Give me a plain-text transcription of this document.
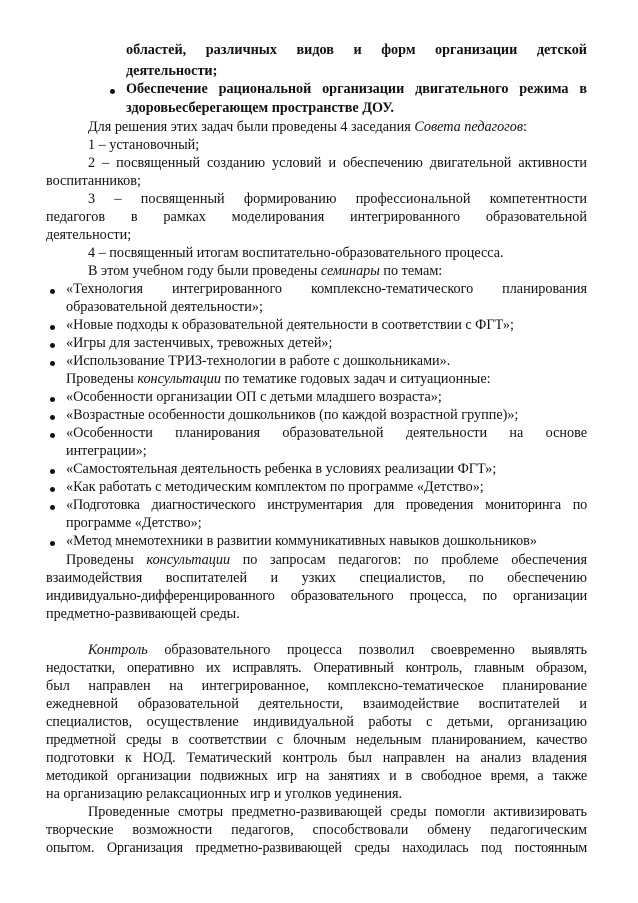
областей, различных видов и форм организации детской
деятельности;
Обеспечение рациональной организации двигательного режима в
здоровьесберегающем пространстве ДОУ.
Для решения этих задач были проведены 4 заседания Совета педагогов:
1 – установочный;
2 – посвященный созданию условий и обеспечению двигательной активности
воспитанников;
3 – посвященный формированию профессиональной компетентности
педагогов в рамках моделирования интегрированного образовательной
деятельности;
4 – посвященный итогам воспитательно-образовательного процесса.
В этом учебном году были проведены семинары по темам:
«Технология интегрированного комплексно-тематического планирования
образовательной деятельности»;
«Новые подходы к образовательной деятельности в соответствии с ФГТ»;
«Игры для застенчивых, тревожных детей»;
«Использование ТРИЗ-технологии в работе с дошкольниками».
Проведены консультации по тематике годовых задач и ситуационные:
«Особенности организации ОП с детьми младшего возраста»;
«Возрастные особенности дошкольников (по каждой возрастной группе)»;
«Особенности планирования образовательной деятельности на основе
интеграции»;
«Самостоятельная деятельность ребенка в условиях реализации ФГТ»;
«Как работать с методическим комплектом по программе «Детство»;
«Подготовка диагностического инструментария для проведения мониторинга по
программе «Детство»;
«Метод мнемотехники в развитии коммуникативных навыков дошкольников»
Проведены консультации по запросам педагогов: по проблеме обеспечения
взаимодействия воспитателей и узких специалистов, по обеспечению
индивидуально-дифференцированного образовательного процесса, по организации
предметно-развивающей среды.
Контроль образовательного процесса позволил своевременно выявлять
недостатки, оперативно их исправлять. Оперативный контроль, главным образом,
был направлен на интегрированное, комплексно-тематическое планирование
ежедневной образовательной деятельности, взаимодействие воспитателей и
специалистов, осуществление индивидуальной работы с детьми, организацию
предметной среды в соответствии с блочным недельным планированием, качество
подготовки к НОД. Тематический контроль был направлен на анализ владения
методикой организации подвижных игр на занятиях и в свободное время, а также
на организацию релаксационных игр и уголков уединения.
Проведенные смотры предметно-развивающей среды помогли активизировать
творческие возможности педагогов, способствовали обмену педагогическим
опытом. Организация предметно-развивающей среды находилась под постоянным
